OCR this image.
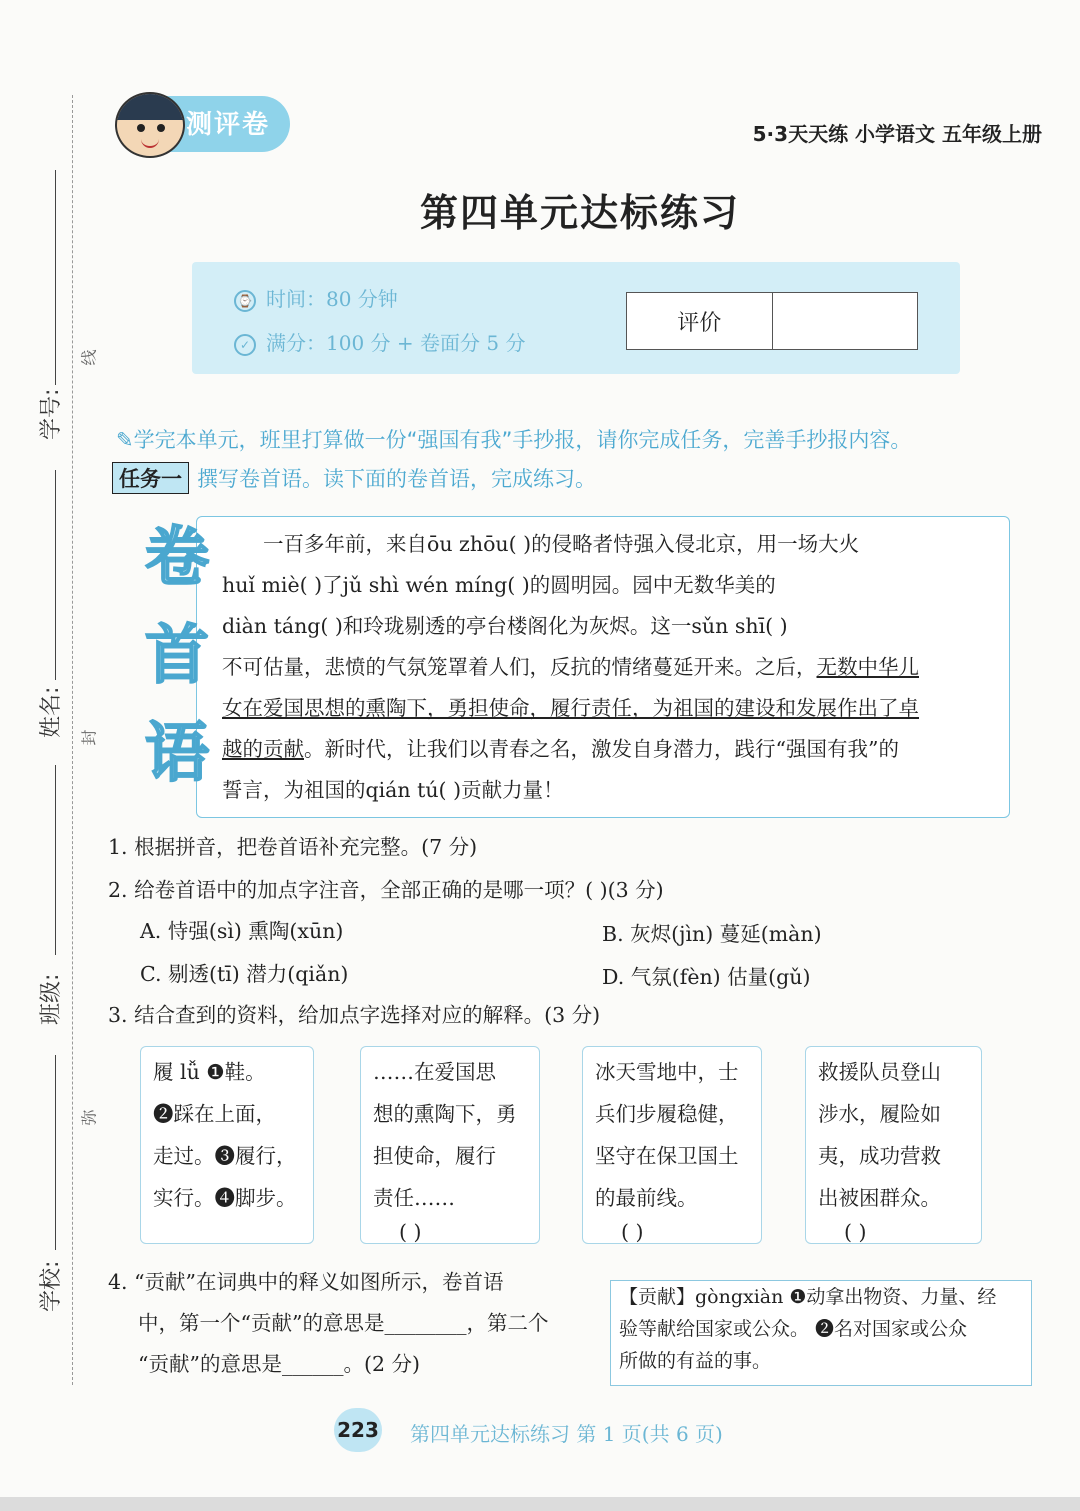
学号:
姓名:
班级:
学校:
线
封
弥
测评卷	5·3天天练 小学语文 五年级上册
第四单元达标练习
⌚ 时间：80 分钟
✓ 满分：100 分 + 卷面分 5 分
评价
✎学完本单元，班里打算做一份“强国有我”手抄报，请你完成任务，完善手抄报内容。
任务一 撰写卷首语。读下面的卷首语，完成练习。
卷
首
语

一百多年前，来自ōu zhōu( )的侵略者恃强入侵北京，用一场大火

huǐ miè( )了jǔ shì wén míng( )的圆明园。园中无数华美的

diàn táng( )和玲珑剔透的亭台楼阁化为灰烬。这一sǔn shī( )

不可估量，悲愤的气氛笼罩着人们，反抗的情绪蔓延开来。之后，无数中华儿

女在爱国思想的熏陶下，勇担使命，履行责任，为祖国的建设和发展作出了卓

越的贡献。新时代，让我们以青春之名，激发自身潜力，践行“强国有我”的

誓言，为祖国的qián tú( )贡献力量！

1. 根据拼音，把卷首语补充完整。(7 分)
2. 给卷首语中的加点字注音，全部正确的是哪一项？( )(3 分)
A. 恃强(sì) 熏陶(xūn)	B. 灰烬(jìn) 蔓延(màn)
C. 剔透(tī) 潜力(qiǎn)	D. 气氛(fèn) 估量(gǔ)
3. 结合查到的资料，给加点字选择对应的解释。(3 分)

履 lǚ ❶鞋。

❷踩在上面，

走过。❸履行，

实行。❹脚步。

……在爱国思

想的熏陶下，勇

担使命，履行

责任……

( )

冰天雪地中，士

兵们步履稳健，

坚守在保卫国土

的最前线。

( )

救援队员登山

涉水，履险如

夷，成功营救

出被困群众。

( )

4. “贡献”在词典中的释义如图所示，卷首语
中，第一个“贡献”的意思是________，第二个
“贡献”的意思是______。(2 分)

【贡献】gòngxiàn ❶动拿出物资、力量、经

验等献给国家或公众。 ❷名对国家或公众

所做的有益的事。

223 第四单元达标练习 第 1 页(共 6 页)
